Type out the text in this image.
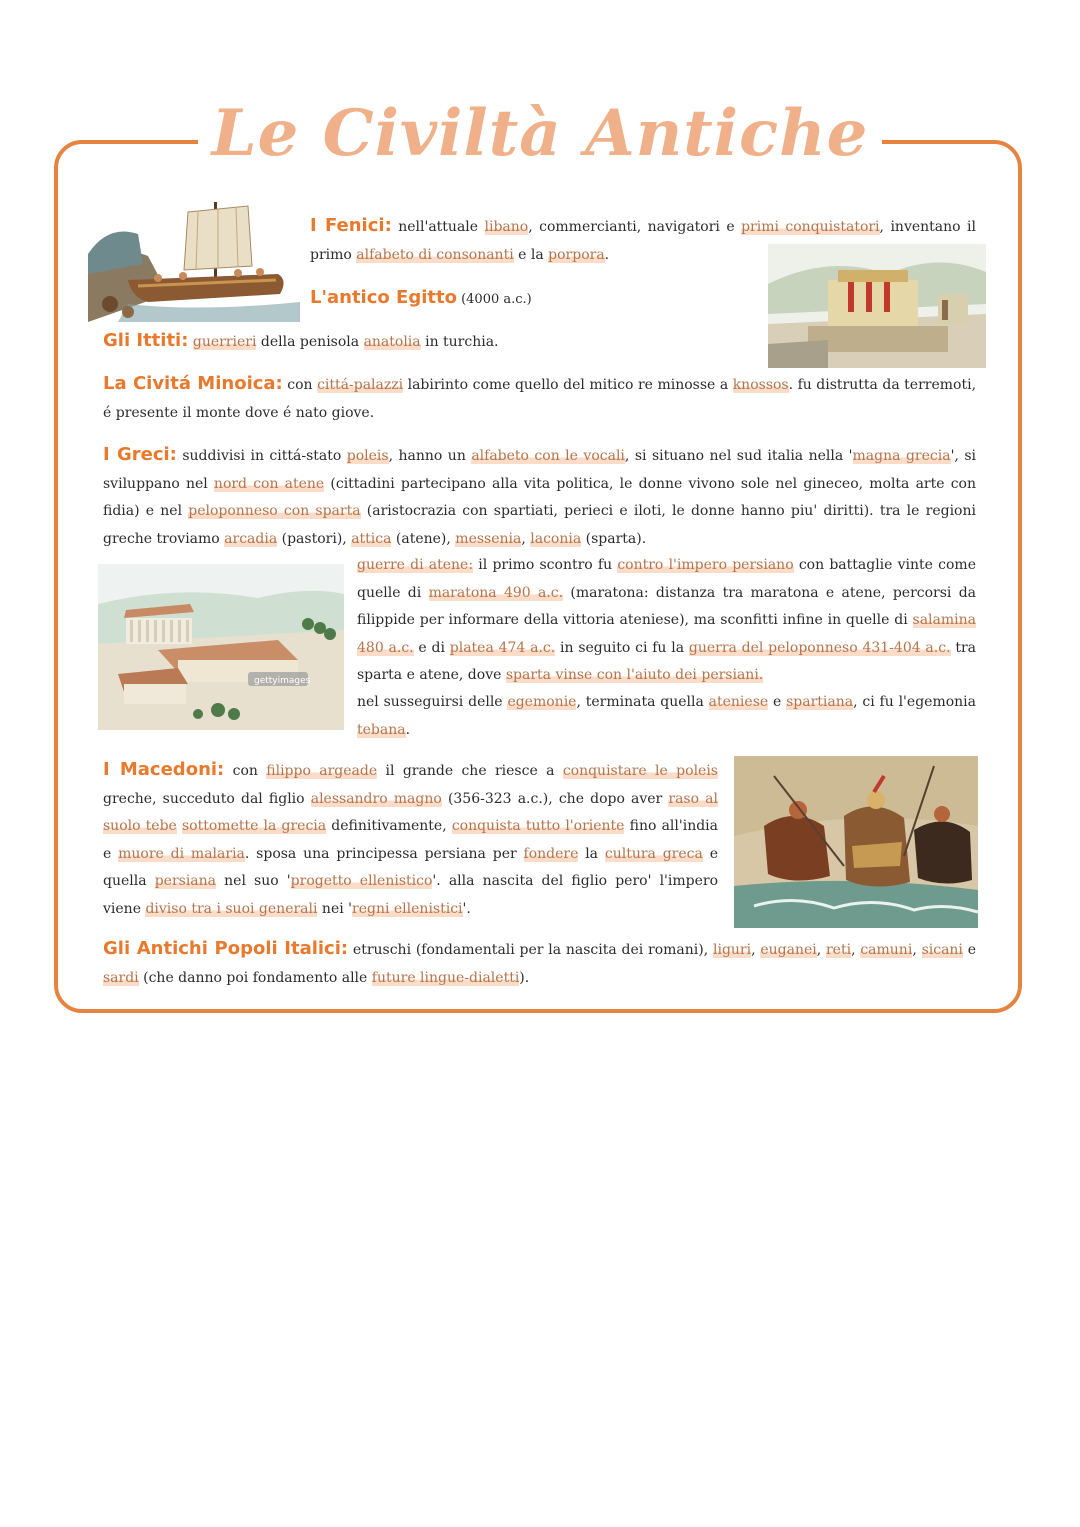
Le Civiltà Antiche
gettyimages
I Fenici: nell'attuale libano, commercianti, navigatori e primi conquistatori, inventano il primo alfabeto di consonanti e la porpora.
L'antico Egitto (4000 a.c.)
Gli Ittiti: guerrieri della penisola anatolia in turchia.
La Civitá Minoica: con cittá-palazzi labirinto come quello del mitico re minosse a knossos. fu distrutta da terremoti, é presente il monte dove é nato giove.
I Greci: suddivisi in cittá-stato poleis, hanno un alfabeto con le vocali, si situano nel sud italia nella 'magna grecia', si sviluppano nel nord con atene (cittadini partecipano alla vita politica, le donne vivono sole nel gineceo, molta arte con fidia) e nel peloponneso con sparta (aristocrazia con spartiati, perieci e iloti, le donne hanno piu' diritti). tra le regioni greche troviamo arcadia (pastori), attica (atene), messenia, laconia (sparta).
guerre di atene: il primo scontro fu contro l'impero persiano con battaglie vinte come quelle di maratona 490 a.c. (maratona: distanza tra maratona e atene, percorsi da filippide per informare della vittoria ateniese), ma sconfitti infine in quelle di salamina 480 a.c. e di platea 474 a.c. in seguito ci fu la guerra del peloponneso 431-404 a.c. tra sparta e atene, dove sparta vinse con l'aiuto dei persiani.
nel susseguirsi delle egemonie, terminata quella ateniese e spartiana, ci fu l'egemonia tebana.
I Macedoni: con filippo argeade il grande che riesce a conquistare le poleis greche, succeduto dal figlio alessandro magno (356-323 a.c.), che dopo aver raso al suolo tebe sottomette la grecia definitivamente, conquista tutto l'oriente fino all'india e muore di malaria. sposa una principessa persiana per fondere la cultura greca e quella persiana nel suo 'progetto ellenistico'. alla nascita del figlio pero' l'impero viene diviso tra i suoi generali nei 'regni ellenistici'.
Gli Antichi Popoli Italici: etruschi (fondamentali per la nascita dei romani), liguri, euganei, reti, camuni, sicani e sardi (che danno poi fondamento alle future lingue-dialetti).
